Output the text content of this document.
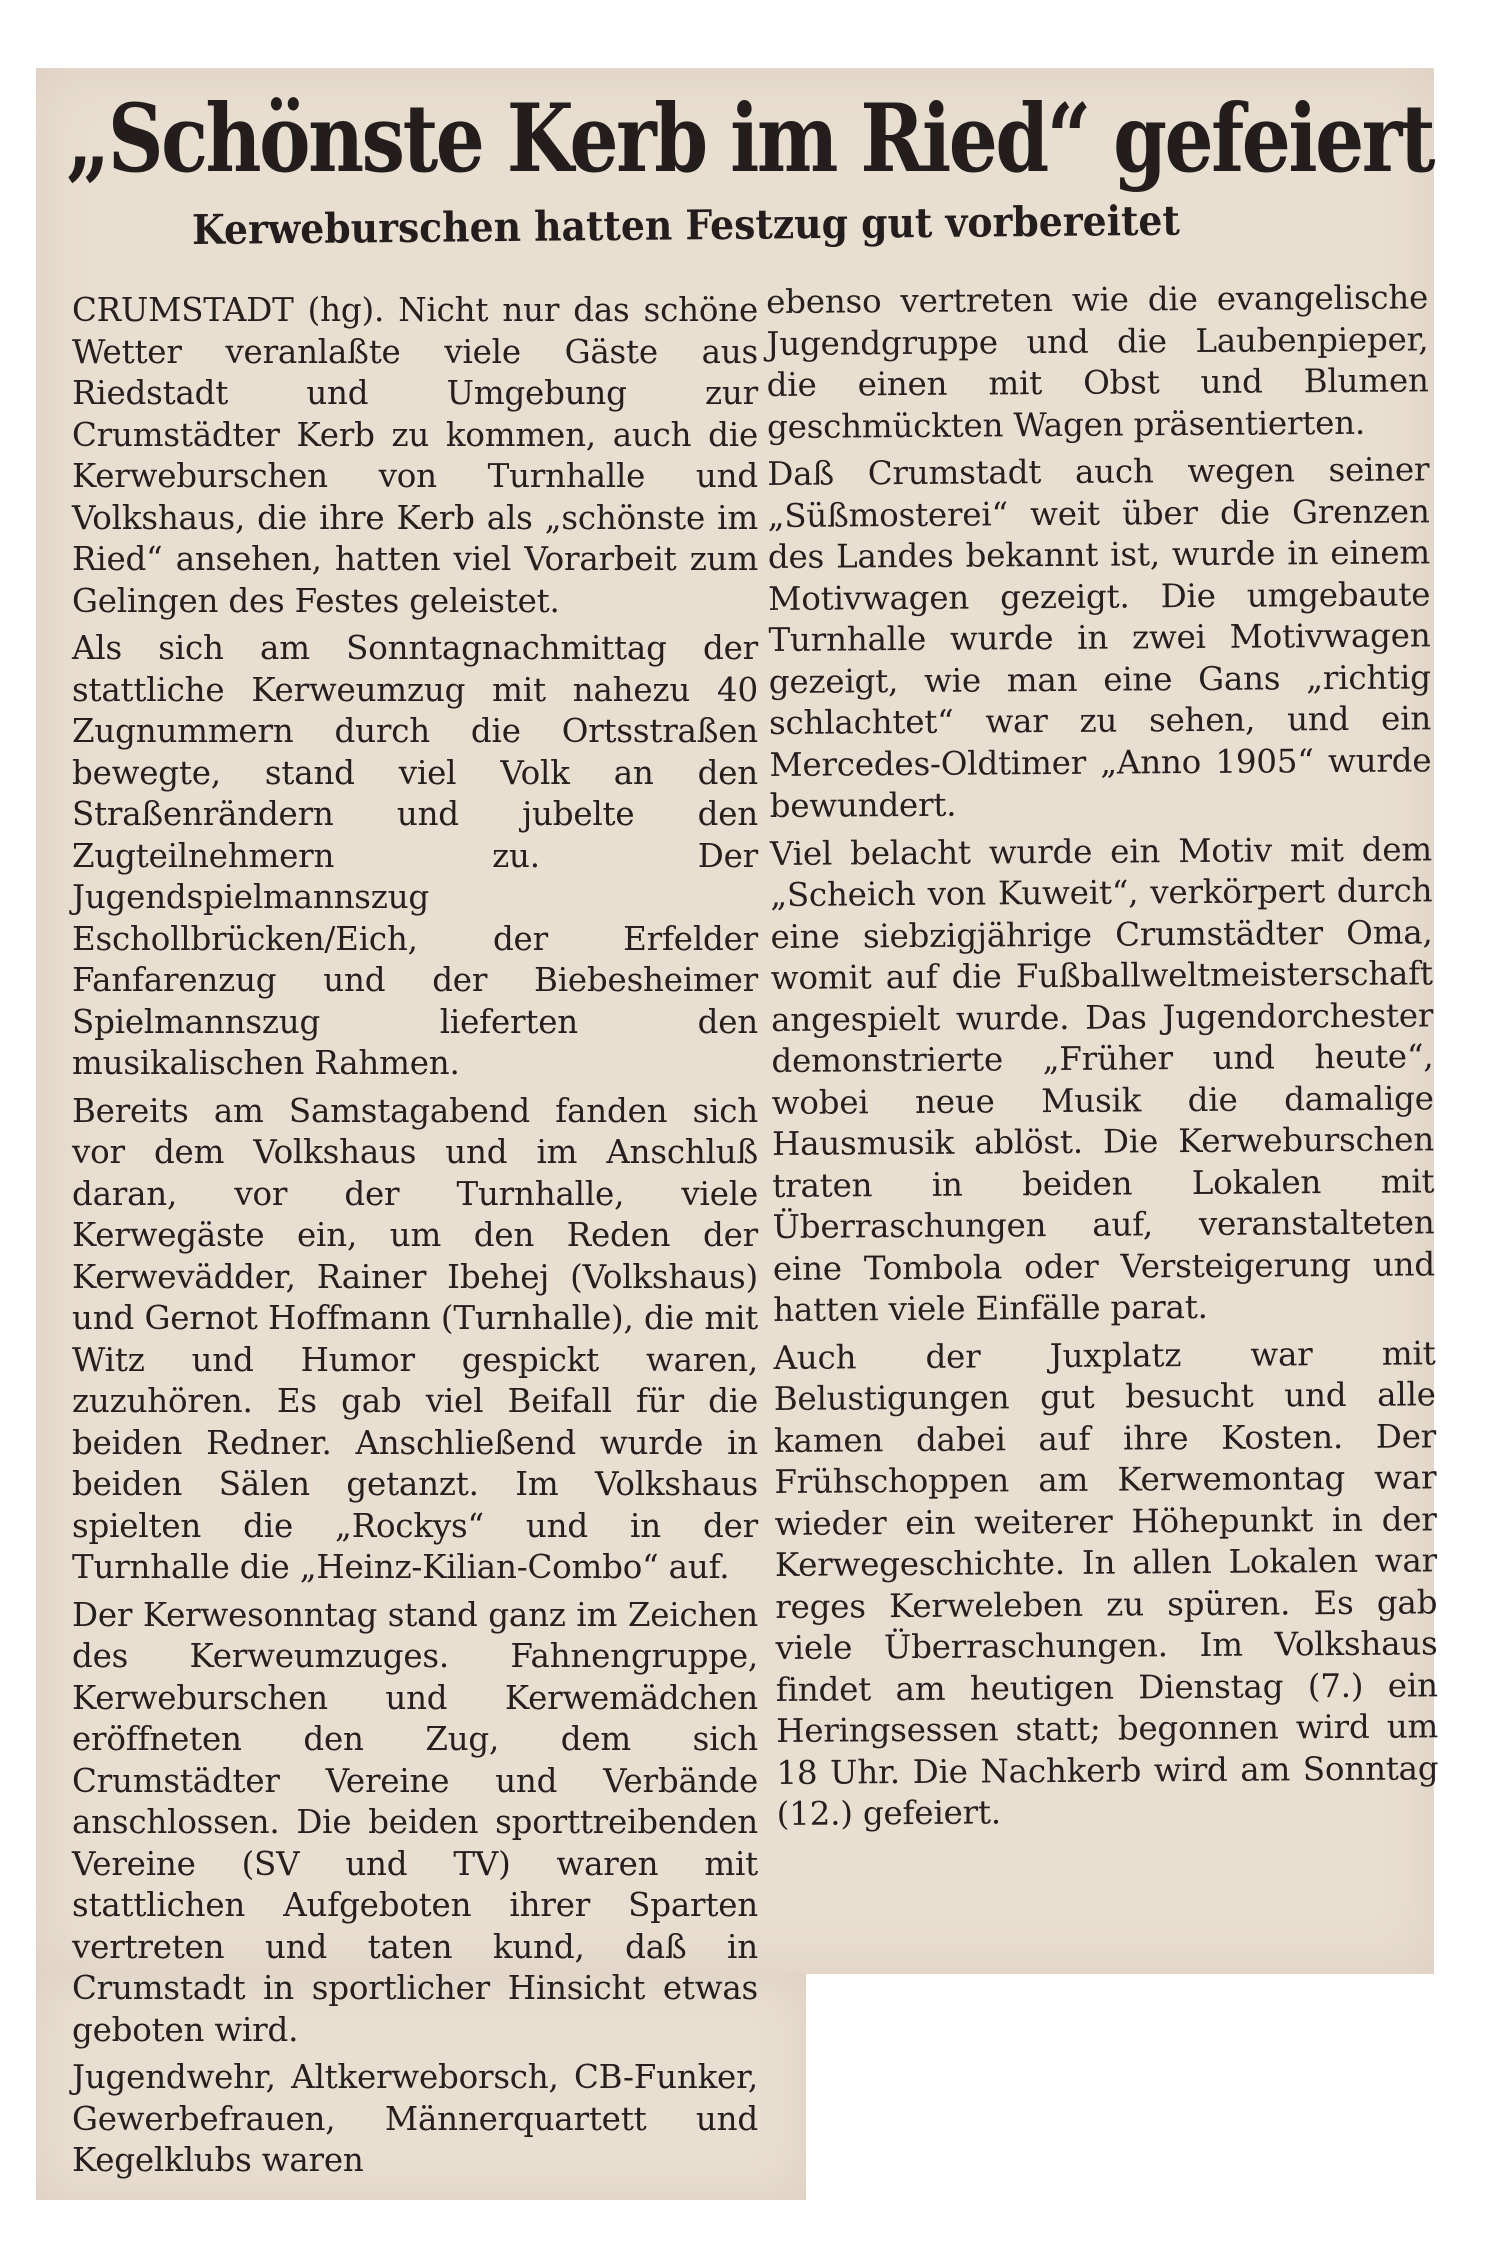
„Schönste Kerb im Ried“ gefeiert
Kerweburschen hatten Festzug gut vorbereitet

CRUMSTADT (hg). Nicht nur das schöne Wetter veranlaßte viele Gäste aus Riedstadt und Umgebung zur Crumstädter Kerb zu kommen, auch die Kerweburschen von Turnhalle und Volkshaus, die ihre Kerb als „schönste im Ried“ ansehen, hatten viel Vorarbeit zum Gelingen des Festes geleistet.

Als sich am Sonntagnachmittag der stattliche Kerweumzug mit nahezu 40 Zugnummern durch die Ortsstraßen bewegte, stand viel Volk an den Straßenrändern und jubelte den Zugteilnehmern zu. Der Jugendspielmannszug Eschollbrücken/Eich, der Erfelder Fanfarenzug und der Biebesheimer Spielmannszug lieferten den musikalischen Rahmen.

Bereits am Samstagabend fanden sich vor dem Volkshaus und im Anschluß daran, vor der Turnhalle, viele Kerwegäste ein, um den Reden der Kerwevädder, Rainer Ibehej (Volkshaus) und Gernot Hoffmann (Turnhalle), die mit Witz und Humor gespickt waren, zuzuhören. Es gab viel Beifall für die beiden Redner. Anschließend wurde in beiden Sälen getanzt. Im Volkshaus spielten die „Rockys“ und in der Turnhalle die „Heinz-Kilian-Combo“ auf.

Der Kerwesonntag stand ganz im Zeichen des Kerweumzuges. Fahnengruppe, Kerweburschen und Kerwemädchen eröffneten den Zug, dem sich Crumstädter Vereine und Verbände anschlossen. Die beiden sporttreibenden Vereine (SV und TV) waren mit stattlichen Aufgeboten ihrer Sparten vertreten und taten kund, daß in Crumstadt in sportlicher Hinsicht etwas geboten wird.

Jugendwehr, Altkerweborsch, CB-Funker, Gewerbefrauen, Männerquartett und Kegelklubs waren

ebenso vertreten wie die evangelische Jugendgruppe und die Laubenpieper, die einen mit Obst und Blumen geschmückten Wagen präsentierten.

Daß Crumstadt auch wegen seiner „Süßmosterei“ weit über die Grenzen des Landes bekannt ist, wurde in einem Motivwagen gezeigt. Die umgebaute Turnhalle wurde in zwei Motivwagen gezeigt, wie man eine Gans „richtig schlachtet“ war zu sehen, und ein Mercedes-Oldtimer „Anno 1905“ wurde bewundert.

Viel belacht wurde ein Motiv mit dem „Scheich von Kuweit“, verkörpert durch eine siebzigjährige Crumstädter Oma, womit auf die Fußballweltmeisterschaft angespielt wurde. Das Jugendorchester demonstrierte „Früher und heute“, wobei neue Musik die damalige Hausmusik ablöst. Die Kerweburschen traten in beiden Lokalen mit Überraschungen auf, veranstalteten eine Tombola oder Versteigerung und hatten viele Einfälle parat.

Auch der Juxplatz war mit Belustigungen gut besucht und alle kamen dabei auf ihre Kosten. Der Frühschoppen am Kerwemontag war wieder ein weiterer Höhepunkt in der Kerwegeschichte. In allen Lokalen war reges Kerweleben zu spüren. Es gab viele Überraschungen. Im Volkshaus findet am heutigen Dienstag (7.) ein Heringsessen statt; begonnen wird um 18 Uhr. Die Nachkerb wird am Sonntag (12.) gefeiert.
